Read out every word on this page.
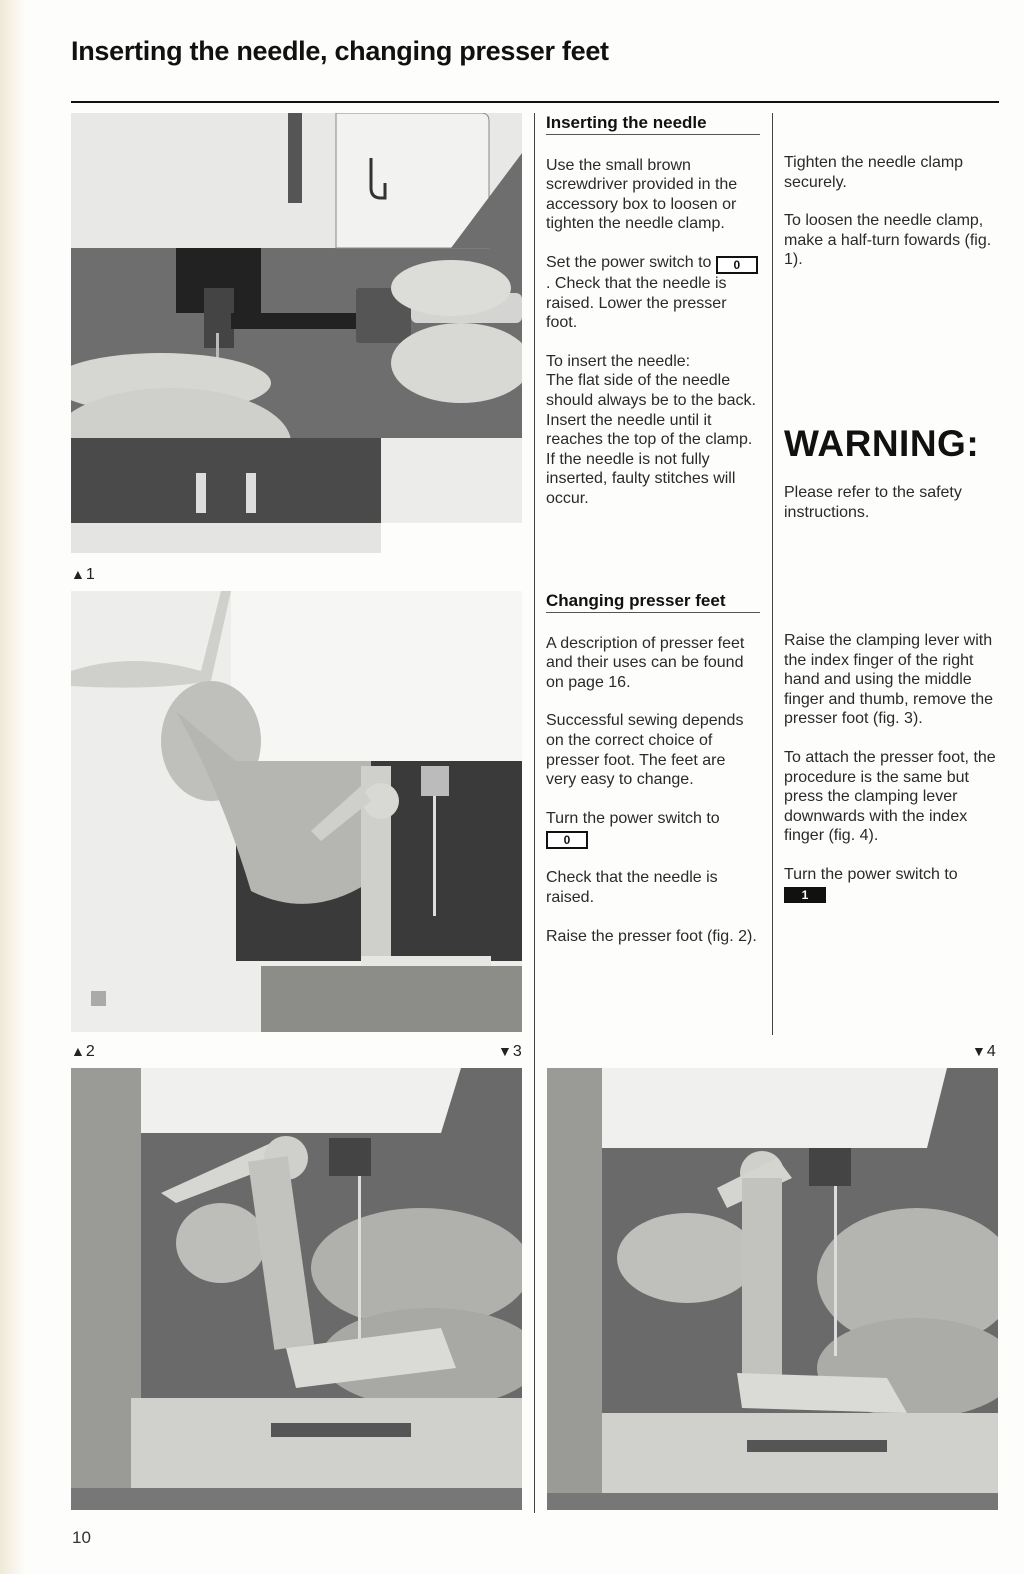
Inserting the needle, changing presser feet
▲1
▲2	▼3	▼4
Inserting the needle

Use the small brown screwdriver provided in the accessory box to loosen or tighten the needle clamp.

Set the power switch to 0. Check that the needle is raised. Lower the presser foot.

To insert the needle:
The flat side of the needle should always be to the back. Insert the needle until it reaches the top of the clamp. If the needle is not fully inserted, faulty stitches will occur.

Tighten the needle clamp securely.

To loosen the needle clamp, make a half-turn fowards (fig. 1).

WARNING:

Please refer to the safety instructions.

Changing presser feet

A description of presser feet and their uses can be found on page 16.

Successful sewing depends on the correct choice of presser foot. The feet are very easy to change.

Turn the power switch to
0

Check that the needle is raised.

Raise the presser foot (fig. 2).

Raise the clamping lever with the index finger of the right hand and using the middle finger and thumb, remove the presser foot (fig. 3).

To attach the presser foot, the procedure is the same but press the clamping lever downwards with the index finger (fig. 4).

Turn the power switch to
1

10
